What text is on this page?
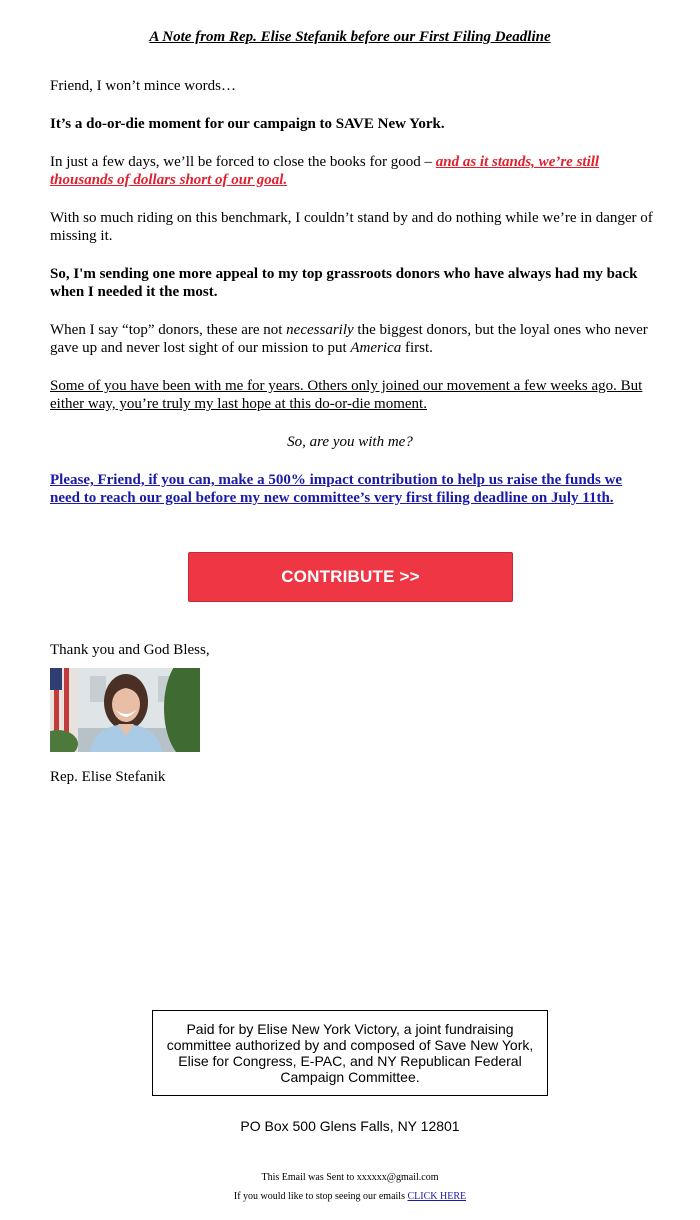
A Note from Rep. Elise Stefanik before our First Filing Deadline

Friend, I won’t mince words…

It’s a do-or-die moment for our campaign to SAVE New York.

In just a few days, we’ll be forced to close the books for good – and as it stands, we’re still thousands of dollars short of our goal.

With so much riding on this benchmark, I couldn’t stand by and do nothing while we’re in danger of missing it.

So, I'm sending one more appeal to my top grassroots donors who have always had my back when I needed it the most.

When I say “top” donors, these are not necessarily the biggest donors, but the loyal ones who never gave up and never lost sight of our mission to put America first.

Some of you have been with me for years. Others only joined our movement a few weeks ago. But either way, you’re truly my last hope at this do-or-die moment.

So, are you with me?

Please, Friend, if you can, make a 500% impact contribution to help us raise the funds we need to reach our goal before my new committee’s very first filing deadline on July 11th.

CONTRIBUTE >>

Thank you and God Bless,

Rep. Elise Stefanik

Paid for by Elise New York Victory, a joint fundraising committee authorized by and composed of Save New York, Elise for Congress, E-PAC, and NY Republican Federal Campaign Committee.
PO Box 500 Glens Falls, NY 12801
This Email was Sent to xxxxxx@gmail.com
If you would like to stop seeing our emails CLICK HERE
